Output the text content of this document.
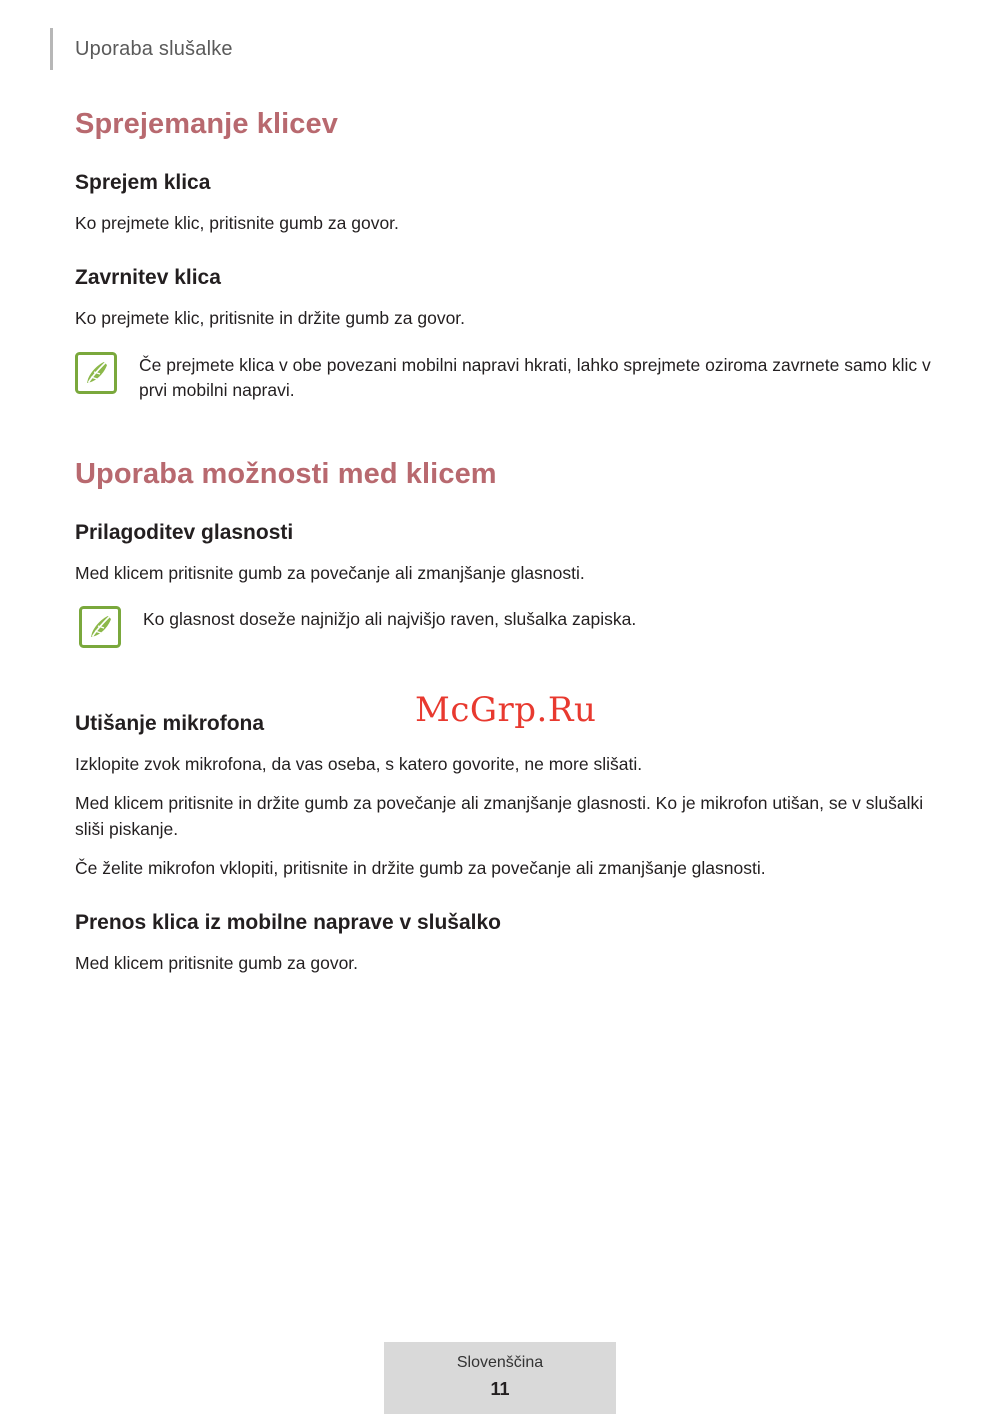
Uporaba slušalke
Sprejemanje klicev
Sprejem klica

Ko prejmete klic, pritisnite gumb za govor.

Zavrnitev klica

Ko prejmete klic, pritisnite in držite gumb za govor.

Če prejmete klica v obe povezani mobilni napravi hkrati, lahko sprejmete oziroma zavrnete samo klic v prvi mobilni napravi.
Uporaba možnosti med klicem
Prilagoditev glasnosti

Med klicem pritisnite gumb za povečanje ali zmanjšanje glasnosti.

Ko glasnost doseže najnižjo ali najvišjo raven, slušalka zapiska.
Utišanje mikrofona

Izklopite zvok mikrofona, da vas oseba, s katero govorite, ne more slišati.

Med klicem pritisnite in držite gumb za povečanje ali zmanjšanje glasnosti. Ko je mikrofon utišan, se v slušalki sliši piskanje.

Če želite mikrofon vklopiti, pritisnite in držite gumb za povečanje ali zmanjšanje glasnosti.

Prenos klica iz mobilne naprave v slušalko

Med klicem pritisnite gumb za govor.

McGrp.Ru
Slovenščina
11
